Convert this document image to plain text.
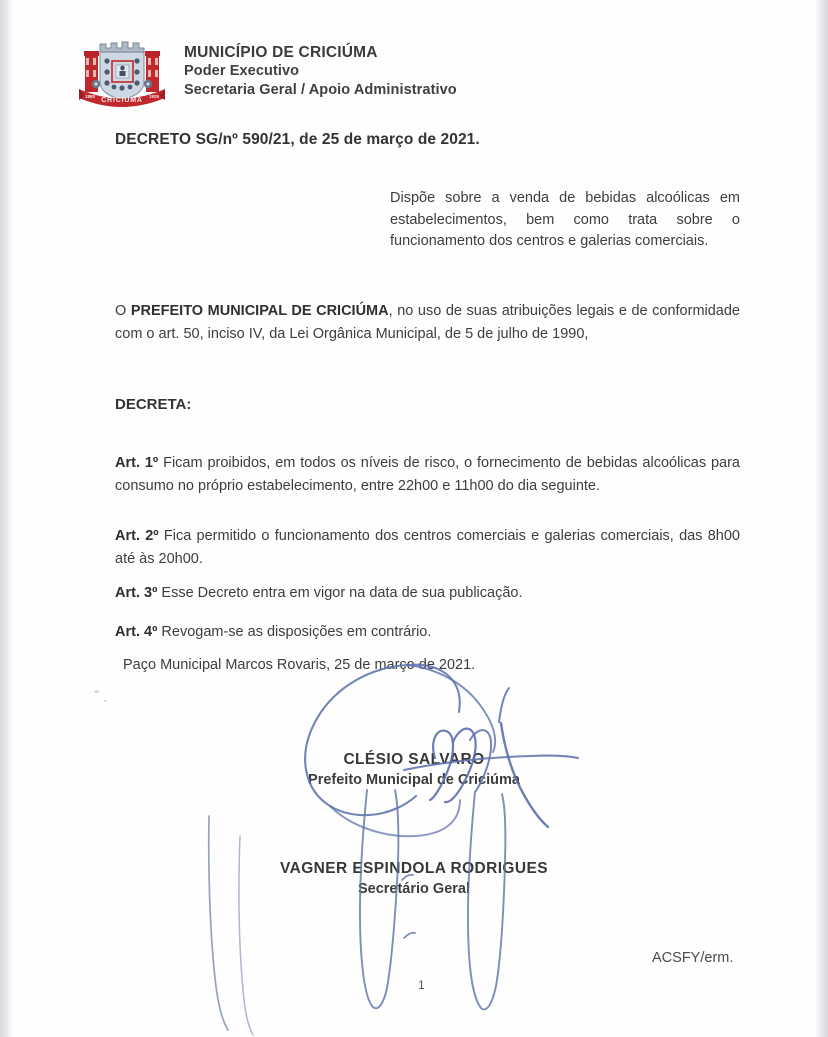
CRICIUMA
1880	1925
MUNICÍPIO DE CRICIÚMA
Poder Executivo
Secretaria Geral / Apoio Administrativo
DECRETO SG/nº 590/21, de 25 de março de 2021.
Dispõe sobre a venda de bebidas alcoólicas em estabelecimentos, bem como trata sobre o funcionamento dos centros e galerias comerciais.
O PREFEITO MUNICIPAL DE CRICIÚMA, no uso de suas atribuições legais e de conformidade com o art. 50, inciso IV, da Lei Orgânica Municipal, de 5 de julho de 1990,
DECRETA:
Art. 1º Ficam proibidos, em todos os níveis de risco, o fornecimento de bebidas alcoólicas para consumo no próprio estabelecimento, entre 22h00 e 11h00 do dia seguinte.
Art. 2º Fica permitido o funcionamento dos centros comerciais e galerias comerciais, das 8h00 até às 20h00.
Art. 3º Esse Decreto entra em vigor na data de sua publicação.
Art. 4º Revogam-se as disposições em contrário.
Paço Municipal Marcos Rovaris, 25 de março de 2021.
CLÉSIO SALVARO
Prefeito Municipal de Criciúma
VAGNER ESPINDOLA RODRIGUES
Secretário Geral
ACSFY/erm.
1
